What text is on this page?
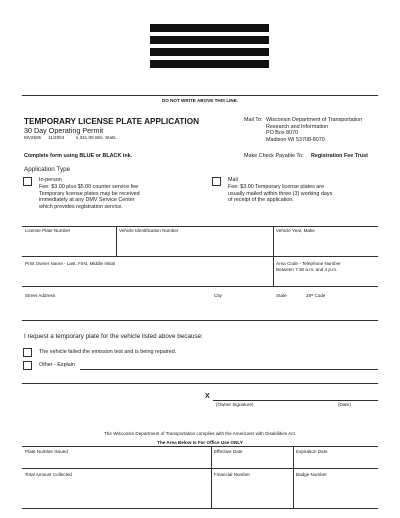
DO NOT WRITE ABOVE THIS LINE.
TEMPORARY LICENSE PLATE APPLICATION
30 Day Operating Permit
MV2505 11/2004	s.341.09 Wis. Stats.
Mail To: Wisconsin Department of Transportation
Research and Information
PO Box 8070
Madison WI 53708-8070
Complete form using BLUE or BLACK ink.	Make Check Payable To: Registration Fee Trust
Application Type
In-person
Fee: $3.00 plus $5.00 counter service fee
Temporary license plates may be received
immediately at any DMV Service Center
which provides registration service.
Mail
Fee: $3.00 Temporary license plates are
usually mailed within three (3) working days
of receipt of the application.
License Plate Number	Vehicle Identification Number	Vehicle Year, Make
Print Owner Name - Last, First, Middle Initial	Area Code - Telephone Number
Between 7:30 a.m. and 4 p.m.
Street Address	City	State	ZIP Code
I request a temporary plate for the vehicle listed above because:
The vehicle failed the emission test and is being repaired.
Other - Explain
X
(Owner Signature)	(Date)
The Wisconsin Department of Transportation complies with the Americans with Disabilities Act.
The Area Below Is For Office Use ONLY
Plate Number Issued	Effective Date	Expiration Date
Total Amount Collected	Financial Number	Badge Number
